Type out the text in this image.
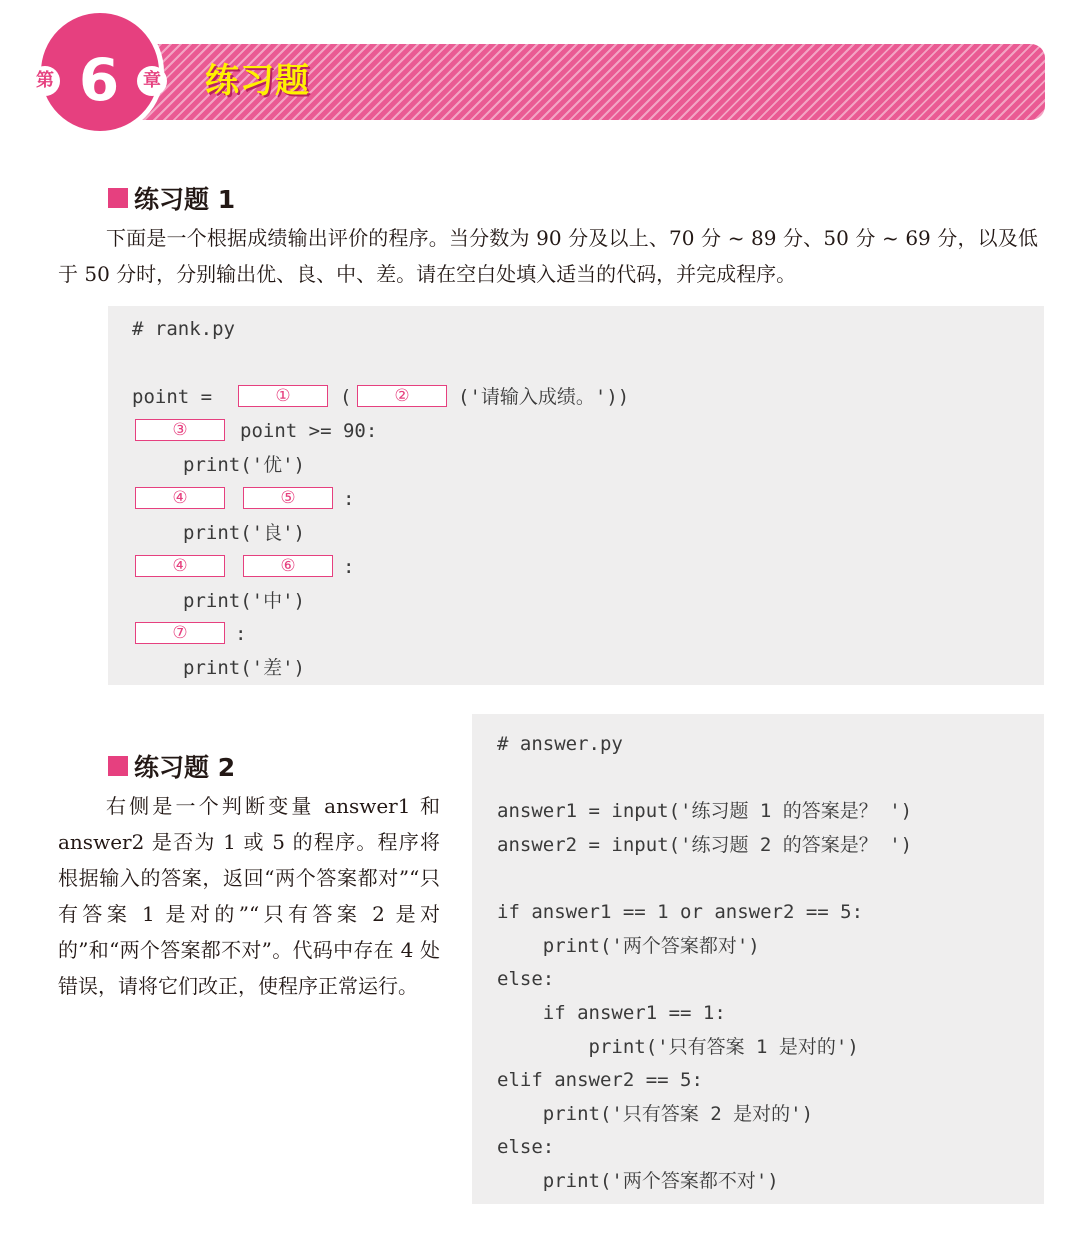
第 6	章 练习题
练习题 1

下面是一个根据成绩输出评价的程序。当分数为 90 分及以上、70 分 ~ 89 分、50 分 ~ 69 分，以及低于 50 分时，分别输出优、良、中、差。请在空白处填入适当的代码，并完成程序。

# rank.py
point =	①	(	②	('请输入成绩。'))
③	point >= 90:
print('优')
④	⑤	:
print('良')
④	⑥	:
print('中')
⑦	:
print('差')
练习题 2

右侧是一个判断变量 answer1 和 answer2 是否为 1 或 5 的程序。程序将根据输入的答案，返回“两个答案都对”“只有答案 1 是对的”“只有答案 2 是对的”和“两个答案都不对”。代码中存在 4 处错误，请将它们改正，使程序正常运行。

# answer.py
answer1 = input('练习题 1 的答案是？ ')
answer2 = input('练习题 2 的答案是？ ')
if answer1 == 1 or answer2 == 5:
print('两个答案都对')
else:
if answer1 == 1:
print('只有答案 1 是对的')
elif answer2 == 5:
print('只有答案 2 是对的')
else:
print('两个答案都不对')
